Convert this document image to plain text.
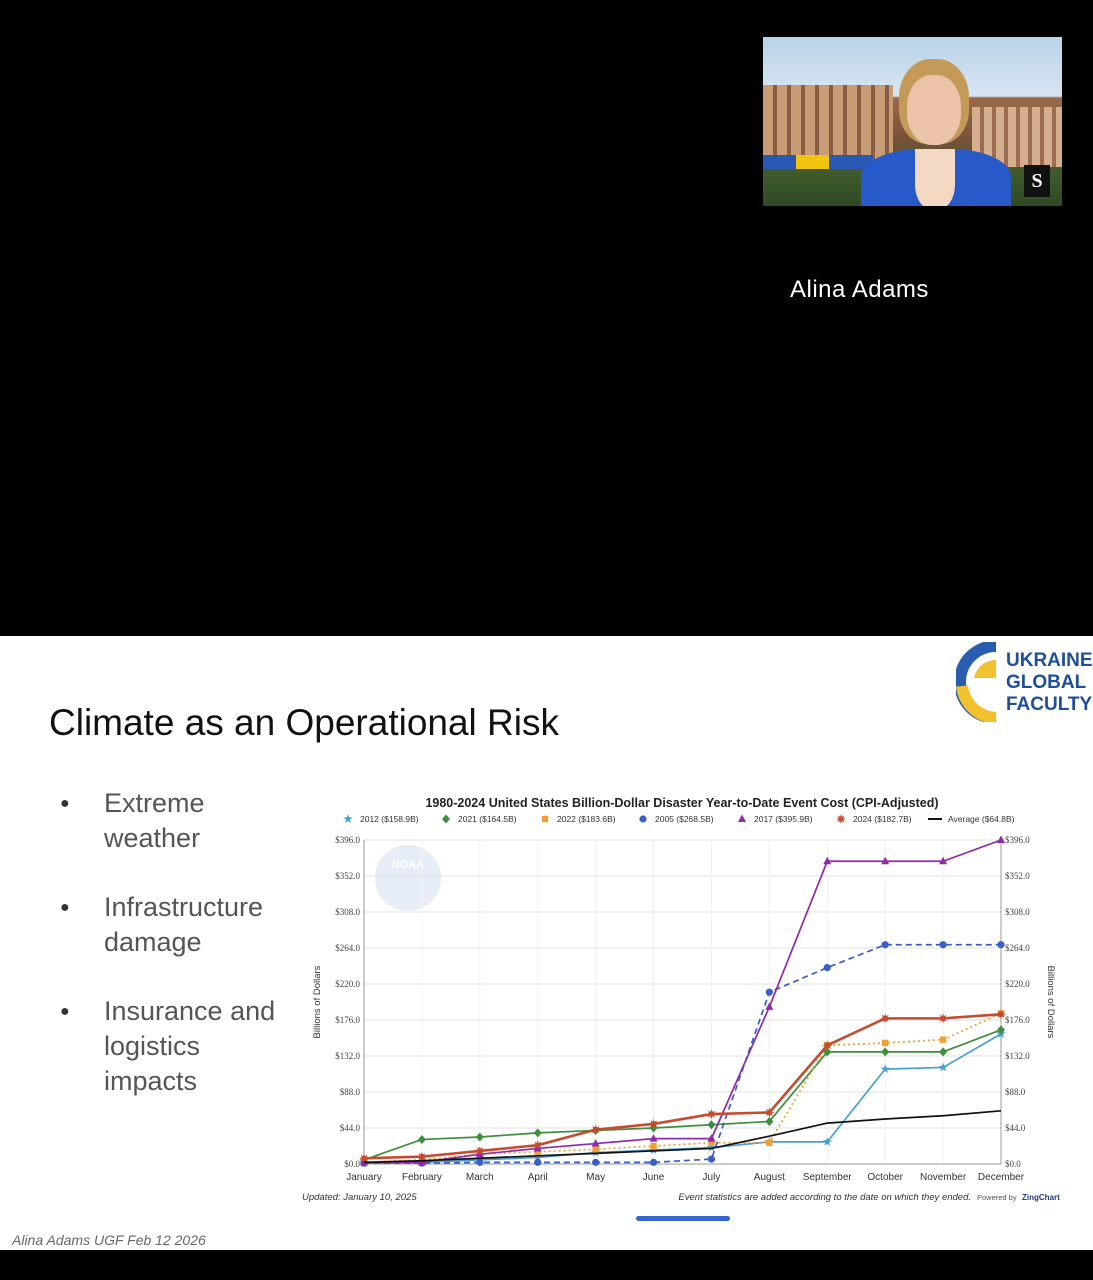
S
Alina Adams
UKRAINE
GLOBAL
FACULTY
Climate as an Operational Risk
● Extreme weather
● Infrastructure damage
● Insurance and logistics impacts
1980-2024 United States Billion-Dollar Disaster Year-to-Date Event Cost (CPI-Adjusted)
2012 ($158.9B)	2021 ($164.5B)	2022 ($183.6B)	2005 ($268.5B)	2017 ($395.9B)	2024 ($182.7B)	Average ($64.8B)
NOAA
$0.0	$0.0
$44.0	$44.0
$88.0	$88.0
$132.0	$132.0
$176.0	$176.0
$220.0	$220.0
$264.0	$264.0
$308.0	$308.0
$352.0	$352.0
$396.0	$396.0
January February March	April	May	June	July	August September October November December
Billions of Dollars	Billions of Dollars
Updated: January 10, 2025	Event statistics are added according to the date on which they ended. Powered by ZingChart
Alina Adams UGF Feb 12 2026
